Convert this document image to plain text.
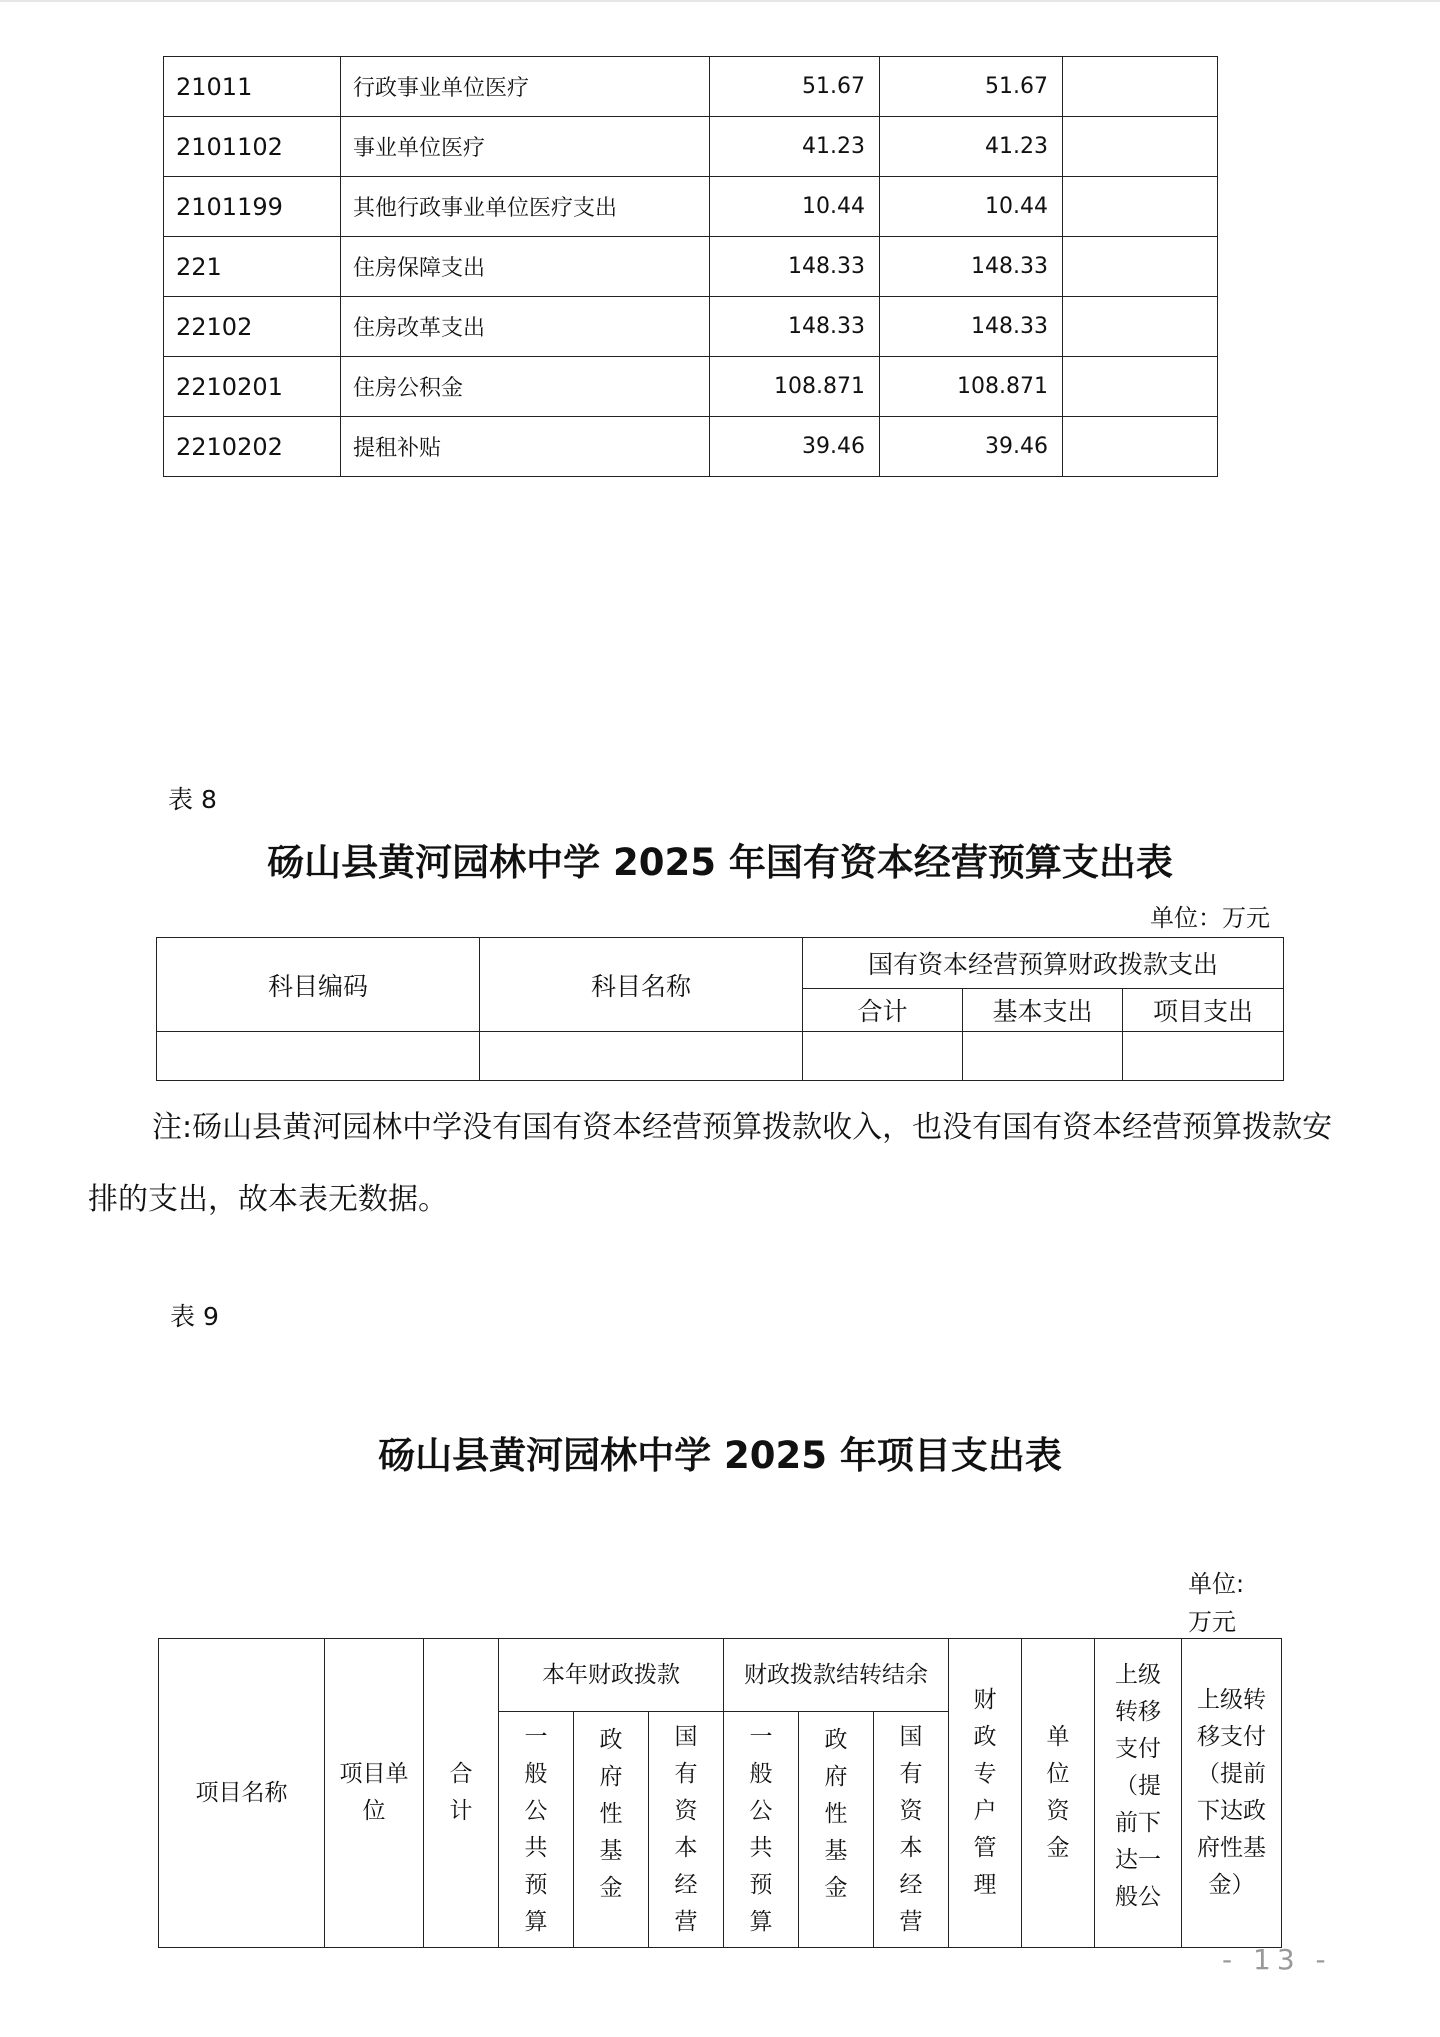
21011	行政事业单位医疗	51.67	51.67	
2101102	事业单位医疗	41.23	41.23	
2101199	其他行政事业单位医疗支出	10.44	10.44	
221	住房保障支出	148.33	148.33	
22102	住房改革支出	148.33	148.33	
2210201	住房公积金	108.871	108.871	
2210202	提租补贴	39.46	39.46	
表 8
砀山县黄河园林中学 2025 年国有资本经营预算支出表
单位：万元
科目编码	科目名称	国有资本经营预算财政拨款支出		
		合计	基本支出	项目支出

注:砀山县黄河园林中学没有国有资本经营预算拨款收入，也没有国有资本经营预算拨款安排的支出，故本表无数据。
表 9
砀山县黄河园林中学 2025 年项目支出表
单位:万元
项目名称	项目单位	合计	本年财政拨款			财政拨款结转结余			财政专户管理	单位资金	上级转移支付（提前下达一般公	上级转移支付（提前下达政府性基金）
			一般公共预算	政府性基金	国有资本经营	一般公共预算	政府性基金	国有资本经营				
- 13 -
